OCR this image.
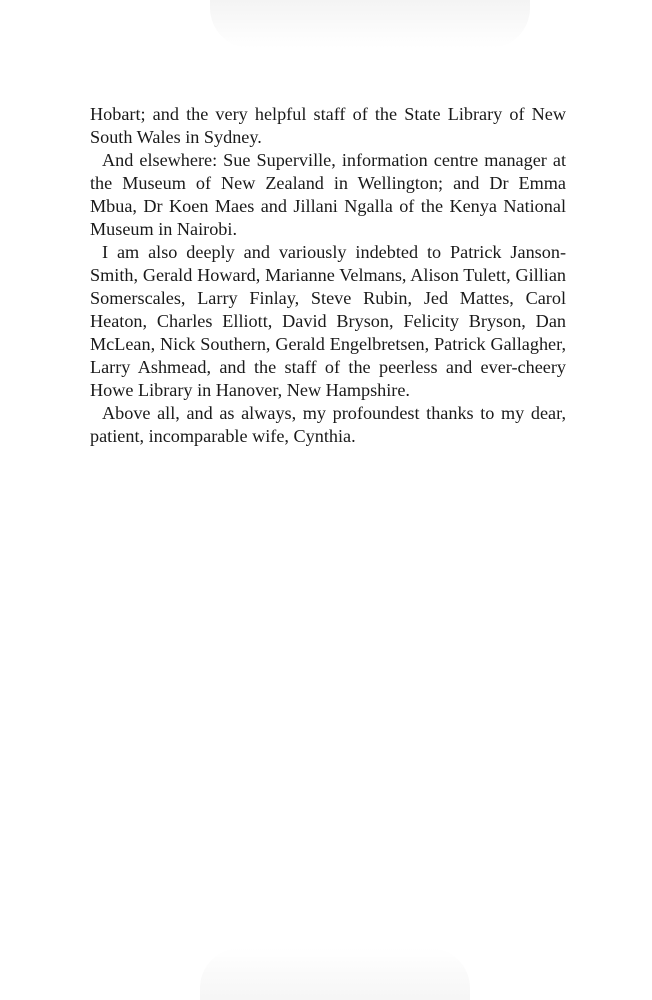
Hobart; and the very helpful staff of the State Library of New South Wales in Sydney.

And elsewhere: Sue Superville, information centre manager at the Museum of New Zealand in Wellington; and Dr Emma Mbua, Dr Koen Maes and Jillani Ngalla of the Kenya National Museum in Nairobi.

I am also deeply and variously indebted to Patrick Janson-Smith, Gerald Howard, Marianne Velmans, Alison Tulett, Gillian Somerscales, Larry Finlay, Steve Rubin, Jed Mattes, Carol Heaton, Charles Elliott, David Bryson, Felicity Bryson, Dan McLean, Nick Southern, Gerald Engelbretsen, Patrick Gallagher, Larry Ashmead, and the staff of the peerless and ever-cheery Howe Library in Hanover, New Hampshire.

Above all, and as always, my profoundest thanks to my dear, patient, incomparable wife, Cynthia.
